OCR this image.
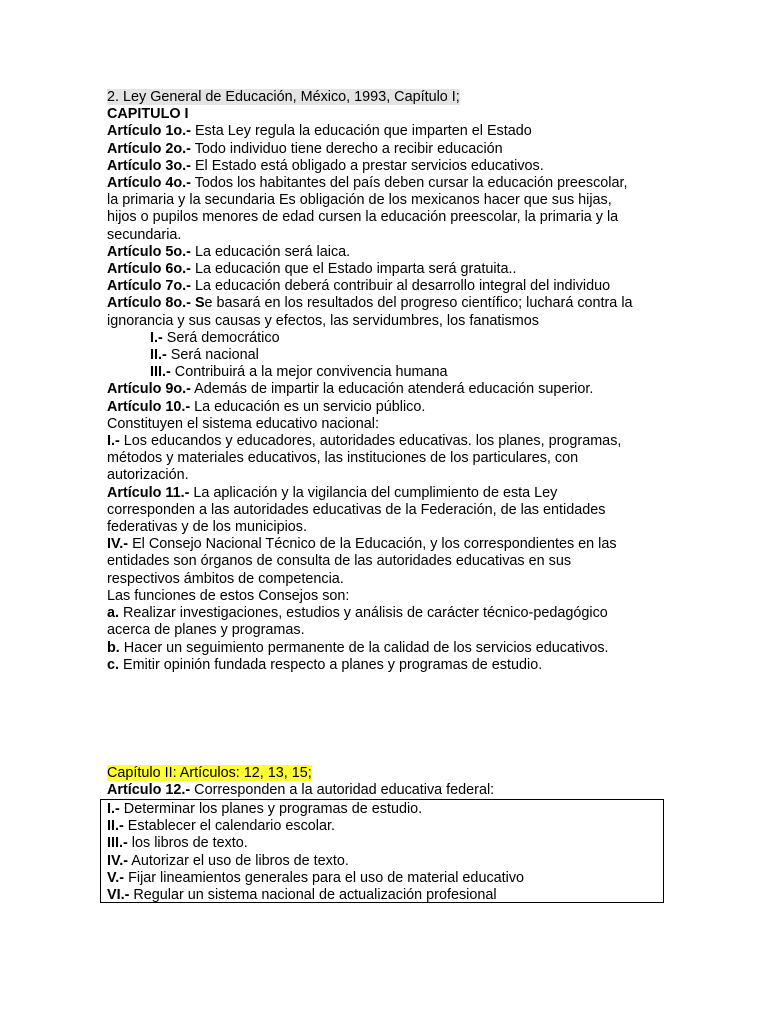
2. Ley General de Educación, México, 1993, Capítulo I;

CAPITULO I

Artículo 1o.- Esta Ley regula la educación que imparten el Estado

Artículo 2o.- Todo individuo tiene derecho a recibir educación

Artículo 3o.- El Estado está obligado a prestar servicios educativos.

Artículo 4o.- Todos los habitantes del país deben cursar la educación preescolar,

la primaria y la secundaria Es obligación de los mexicanos hacer que sus hijas,

hijos o pupilos menores de edad cursen la educación preescolar, la primaria y la

secundaria.

Artículo 5o.- La educación será laica.

Artículo 6o.- La educación que el Estado imparta será gratuita..

Artículo 7o.- La educación deberá contribuir al desarrollo integral del individuo

Artículo 8o.- Se basará en los resultados del progreso científico; luchará contra la

ignorancia y sus causas y efectos, las servidumbres, los fanatismos

I.- Será democrático

II.- Será nacional

III.- Contribuirá a la mejor convivencia humana

Artículo 9o.- Además de impartir la educación atenderá educación superior.

Artículo 10.- La educación es un servicio público.

Constituyen el sistema educativo nacional:

I.- Los educandos y educadores, autoridades educativas. los planes, programas,

métodos y materiales educativos, las instituciones de los particulares, con

autorización.

Artículo 11.- La aplicación y la vigilancia del cumplimiento de esta Ley

corresponden a las autoridades educativas de la Federación, de las entidades

federativas y de los municipios.

IV.- El Consejo Nacional Técnico de la Educación, y los correspondientes en las

entidades son órganos de consulta de las autoridades educativas en sus

respectivos ámbitos de competencia.

Las funciones de estos Consejos son:

a. Realizar investigaciones, estudios y análisis de carácter técnico-pedagógico

acerca de planes y programas.

b. Hacer un seguimiento permanente de la calidad de los servicios educativos.

c. Emitir opinión fundada respecto a planes y programas de estudio.

Capítulo II: Artículos: 12, 13, 15;

Artículo 12.- Corresponden a la autoridad educativa federal:

I.- Determinar los planes y programas de estudio.

II.- Establecer el calendario escolar.

III.- los libros de texto.

IV.- Autorizar el uso de libros de texto.

V.- Fijar lineamientos generales para el uso de material educativo

VI.- Regular un sistema nacional de actualización profesional
